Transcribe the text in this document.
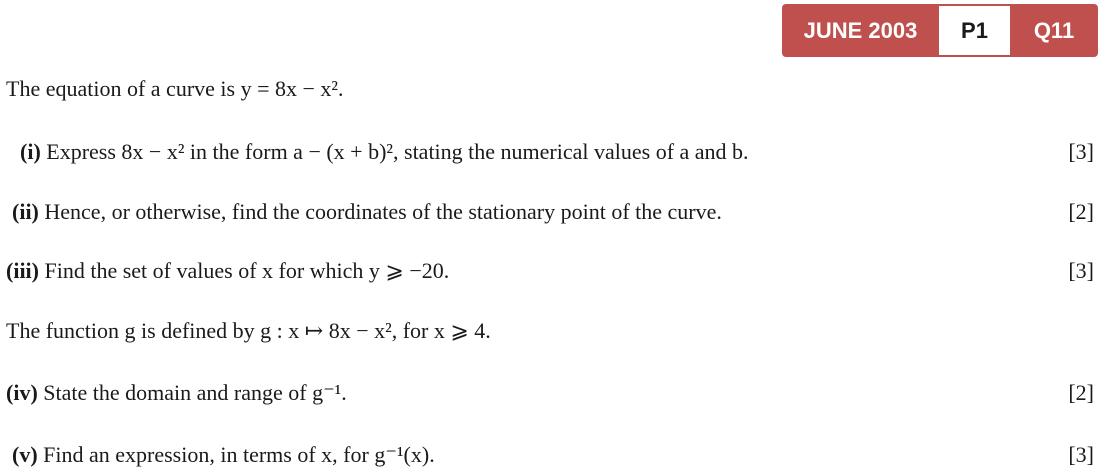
JUNE 2003	P1	Q11
The equation of a curve is y = 8x − x².
(i) Express 8x − x² in the form a − (x + b)², stating the numerical values of a and b.	[3]
(ii) Hence, or otherwise, find the coordinates of the stationary point of the curve.	[2]
(iii) Find the set of values of x for which y ⩾ −20.	[3]
The function g is defined by g : x ↦ 8x − x², for x ⩾ 4.
(iv) State the domain and range of g⁻¹.	[2]
(v) Find an expression, in terms of x, for g⁻¹(x).	[3]
